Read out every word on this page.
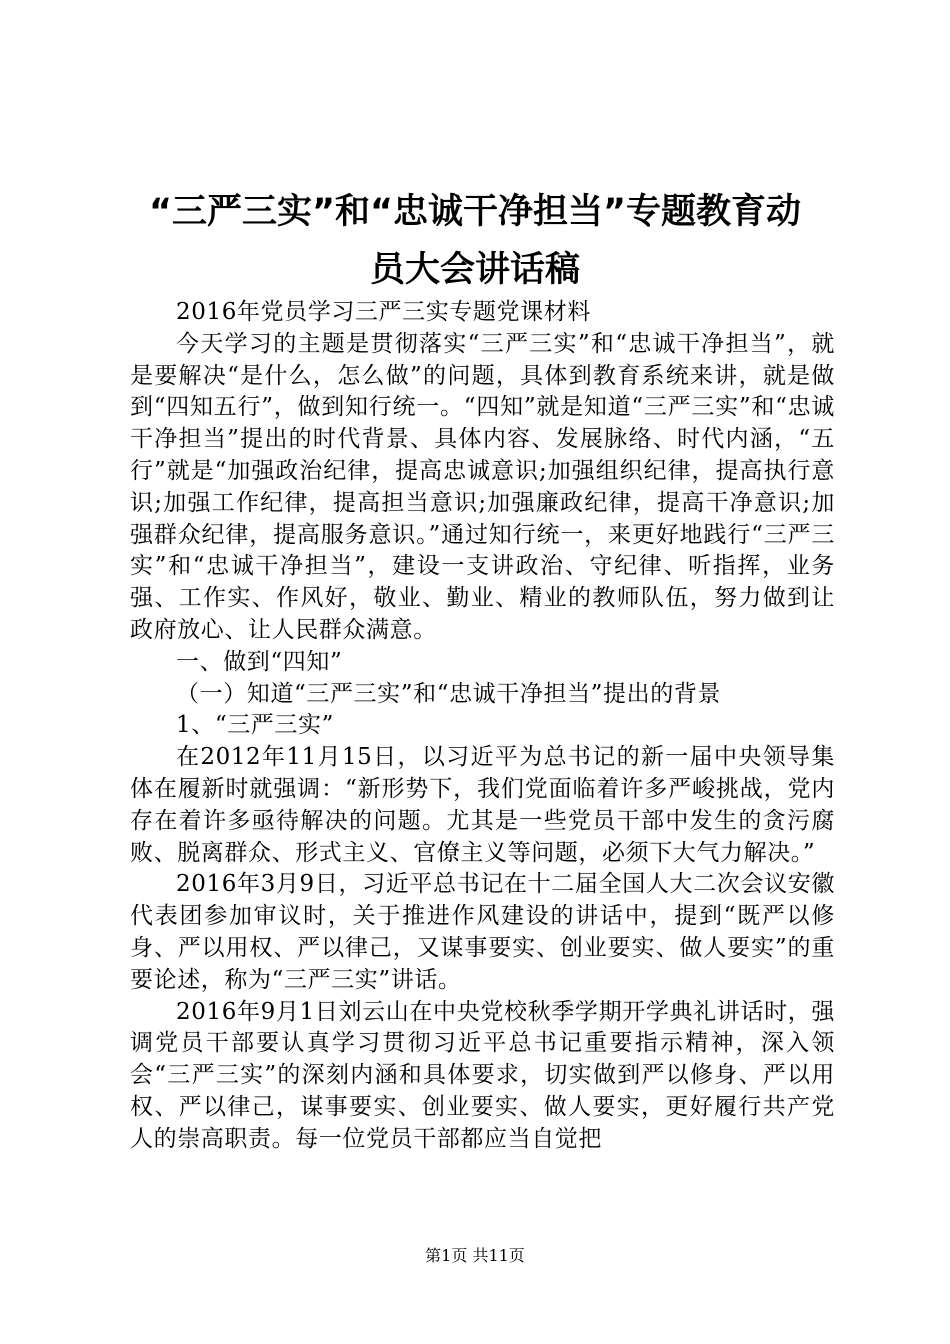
“三严三实”和“忠诚干净担当”专题教育动
员大会讲话稿

2016年党员学习三严三实专题党课材料

今天学习的主题是贯彻落实“三严三实”和“忠诚干净担当”，就是要解决“是什么，怎么做”的问题，具体到教育系统来讲，就是做到“四知五行”，做到知行统一。“四知”就是知道“三严三实”和“忠诚干净担当”提出的时代背景、具体内容、发展脉络、时代内涵，“五行”就是“加强政治纪律，提高忠诚意识;加强组织纪律，提高执行意识;加强工作纪律，提高担当意识;加强廉政纪律，提高干净意识;加强群众纪律，提高服务意识。”通过知行统一，来更好地践行“三严三实”和“忠诚干净担当”，建设一支讲政治、守纪律、听指挥，业务强、工作实、作风好，敬业、勤业、精业的教师队伍，努力做到让政府放心、让人民群众满意。

一、做到“四知”

（一）知道“三严三实”和“忠诚干净担当”提出的背景

1、“三严三实”

在2012年11月15日，以习近平为总书记的新一届中央领导集体在履新时就强调：“新形势下，我们党面临着许多严峻挑战，党内存在着许多亟待解决的问题。尤其是一些党员干部中发生的贪污腐败、脱离群众、形式主义、官僚主义等问题，必须下大气力解决。”

2016年3月9日，习近平总书记在十二届全国人大二次会议安徽代表团参加审议时，关于推进作风建设的讲话中，提到“既严以修身、严以用权、严以律己，又谋事要实、创业要实、做人要实”的重要论述，称为“三严三实”讲话。

2016年9月1日刘云山在中央党校秋季学期开学典礼讲话时，强调党员干部要认真学习贯彻习近平总书记重要指示精神，深入领会“三严三实”的深刻内涵和具体要求，切实做到严以修身、严以用权、严以律己，谋事要实、创业要实、做人要实，更好履行共产党人的崇高职责。每一位党员干部都应当自觉把

第1页 共11页
